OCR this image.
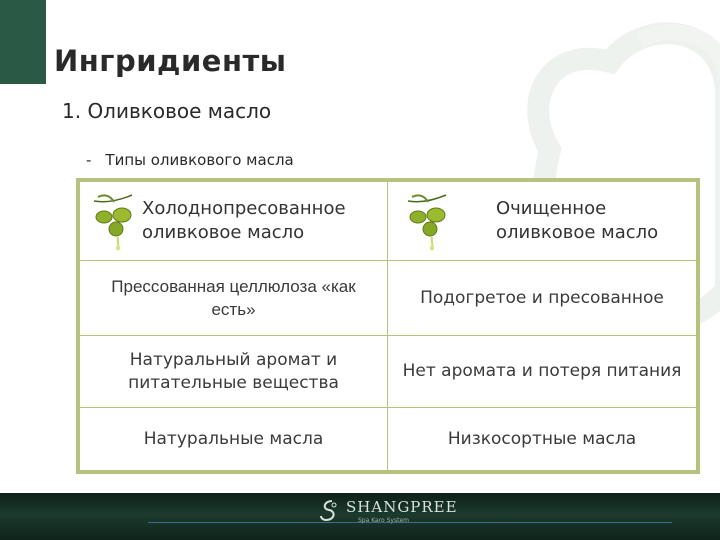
Ингридиенты
1. Оливковое масло
- Типы оливкового масла
Холоднопресованное оливковое масло
Очищенное оливковое масло
Прессованная целлюлоза «как есть»
Подогретое и пресованное
Натуральный аромат и питательные вещества
Нет аромата и потеря питания
Натуральные масла	Низкосортные масла
SHANGPREE
Spa Karo System
